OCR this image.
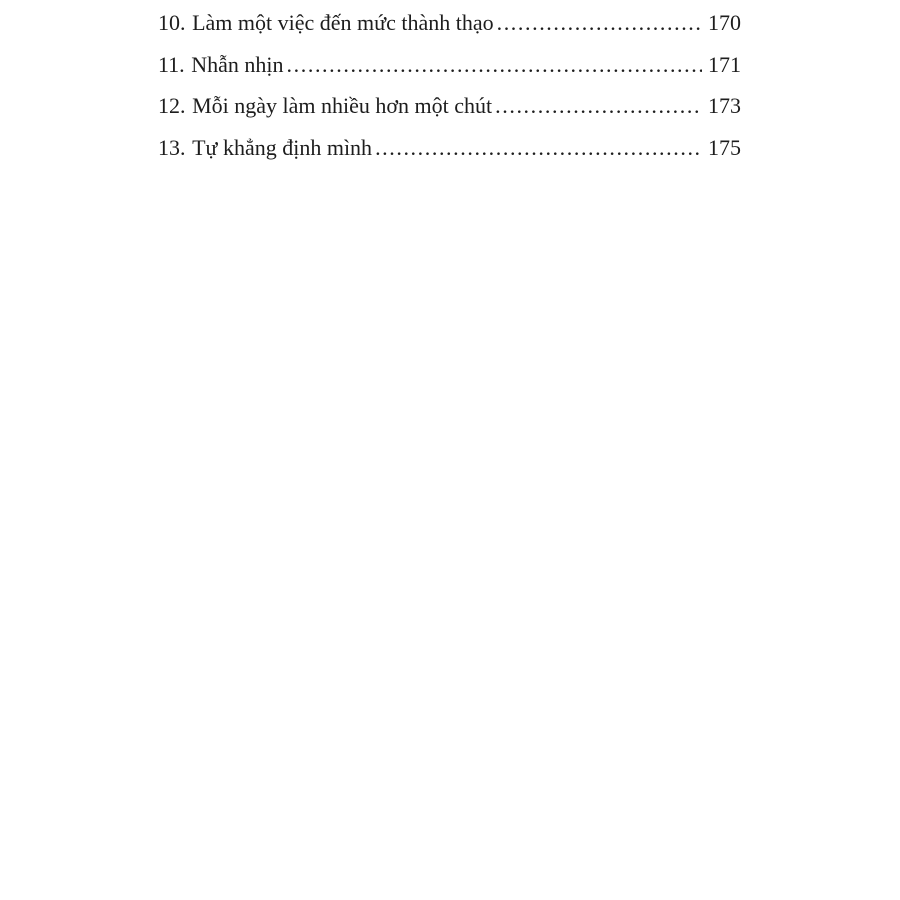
10. Làm một việc đến mức thành thạo .....	170
11. Nhẫn nhịn .....	171
12. Mỗi ngày làm nhiều hơn một chút .....	173
13. Tự khẳng định mình .....	175
